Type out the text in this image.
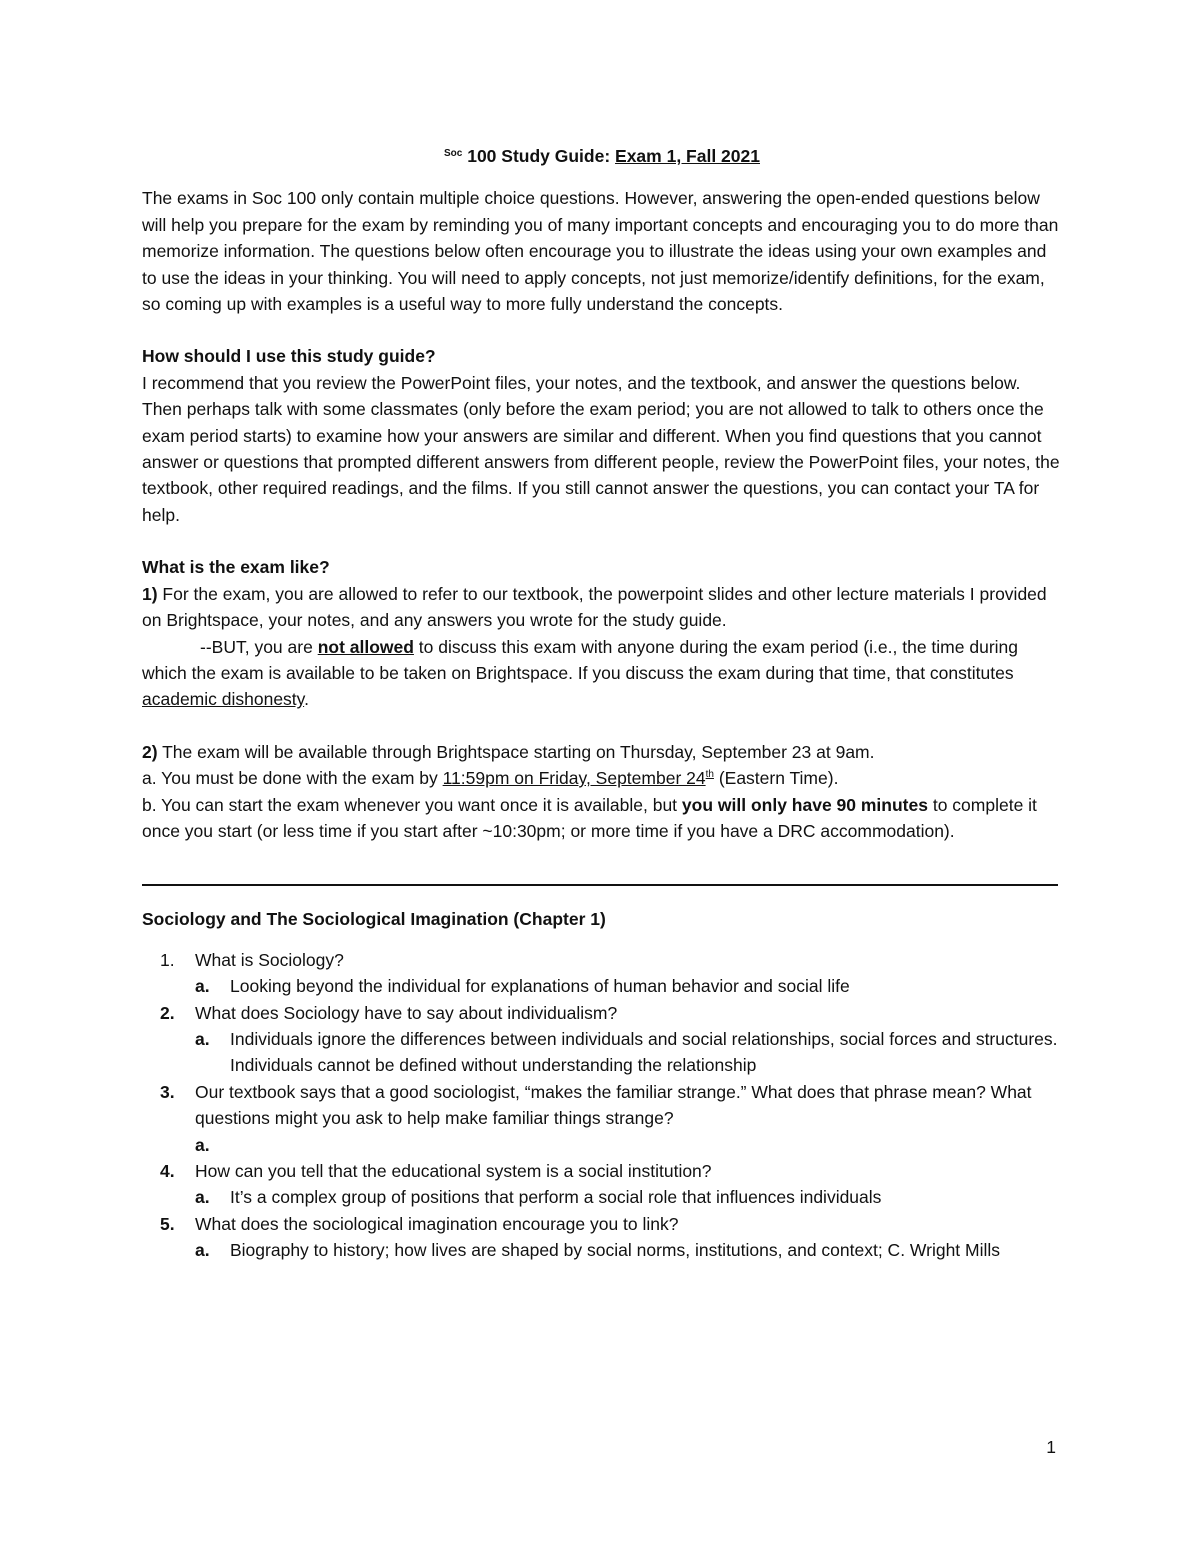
$^{Soc}$ 100 Study Guide: Exam 1, Fall 2021

The exams in Soc 100 only contain multiple choice questions. However, answering the open-ended questions below will help you prepare for the exam by reminding you of many important concepts and encouraging you to do more than memorize information. The questions below often encourage you to illustrate the ideas using your own examples and to use the ideas in your thinking. You will need to apply concepts, not just memorize/identify definitions, for the exam, so coming up with examples is a useful way to more fully understand the concepts.

How should I use this study guide?

I recommend that you review the PowerPoint files, your notes, and the textbook, and answer the questions below. Then perhaps talk with some classmates (only before the exam period; you are not allowed to talk to others once the exam period starts) to examine how your answers are similar and different. When you find questions that you cannot answer or questions that prompted different answers from different people, review the PowerPoint files, your notes, the textbook, other required readings, and the films. If you still cannot answer the questions, you can contact your TA for help.

What is the exam like?

1) For the exam, you are allowed to refer to our textbook, the powerpoint slides and other lecture materials I provided on Brightspace, your notes, and any answers you wrote for the study guide.

--BUT, you are not allowed to discuss this exam with anyone during the exam period (i.e., the time during which the exam is available to be taken on Brightspace. If you discuss the exam during that time, that constitutes academic dishonesty.

2) The exam will be available through Brightspace starting on Thursday, September 23 at 9am.

a. You must be done with the exam by 11:59pm on Friday, September 24th (Eastern Time).

b. You can start the exam whenever you want once it is available, but you will only have 90 minutes to complete it once you start (or less time if you start after ~10:30pm; or more time if you have a DRC accommodation).

Sociology and The Sociological Imagination (Chapter 1)

1. What is Sociology?
a. Looking beyond the individual for explanations of human behavior and social life
2. What does Sociology have to say about individualism?
a. Individuals ignore the differences between individuals and social relationships, social forces and structures. Individuals cannot be defined without understanding the relationship
3. Our textbook says that a good sociologist, “makes the familiar strange.” What does that phrase mean? What questions might you ask to help make familiar things strange?
a.
4. How can you tell that the educational system is a social institution?
a. It’s a complex group of positions that perform a social role that influences individuals
5. What does the sociological imagination encourage you to link?
a. Biography to history; how lives are shaped by social norms, institutions, and context; C. Wright Mills
1
